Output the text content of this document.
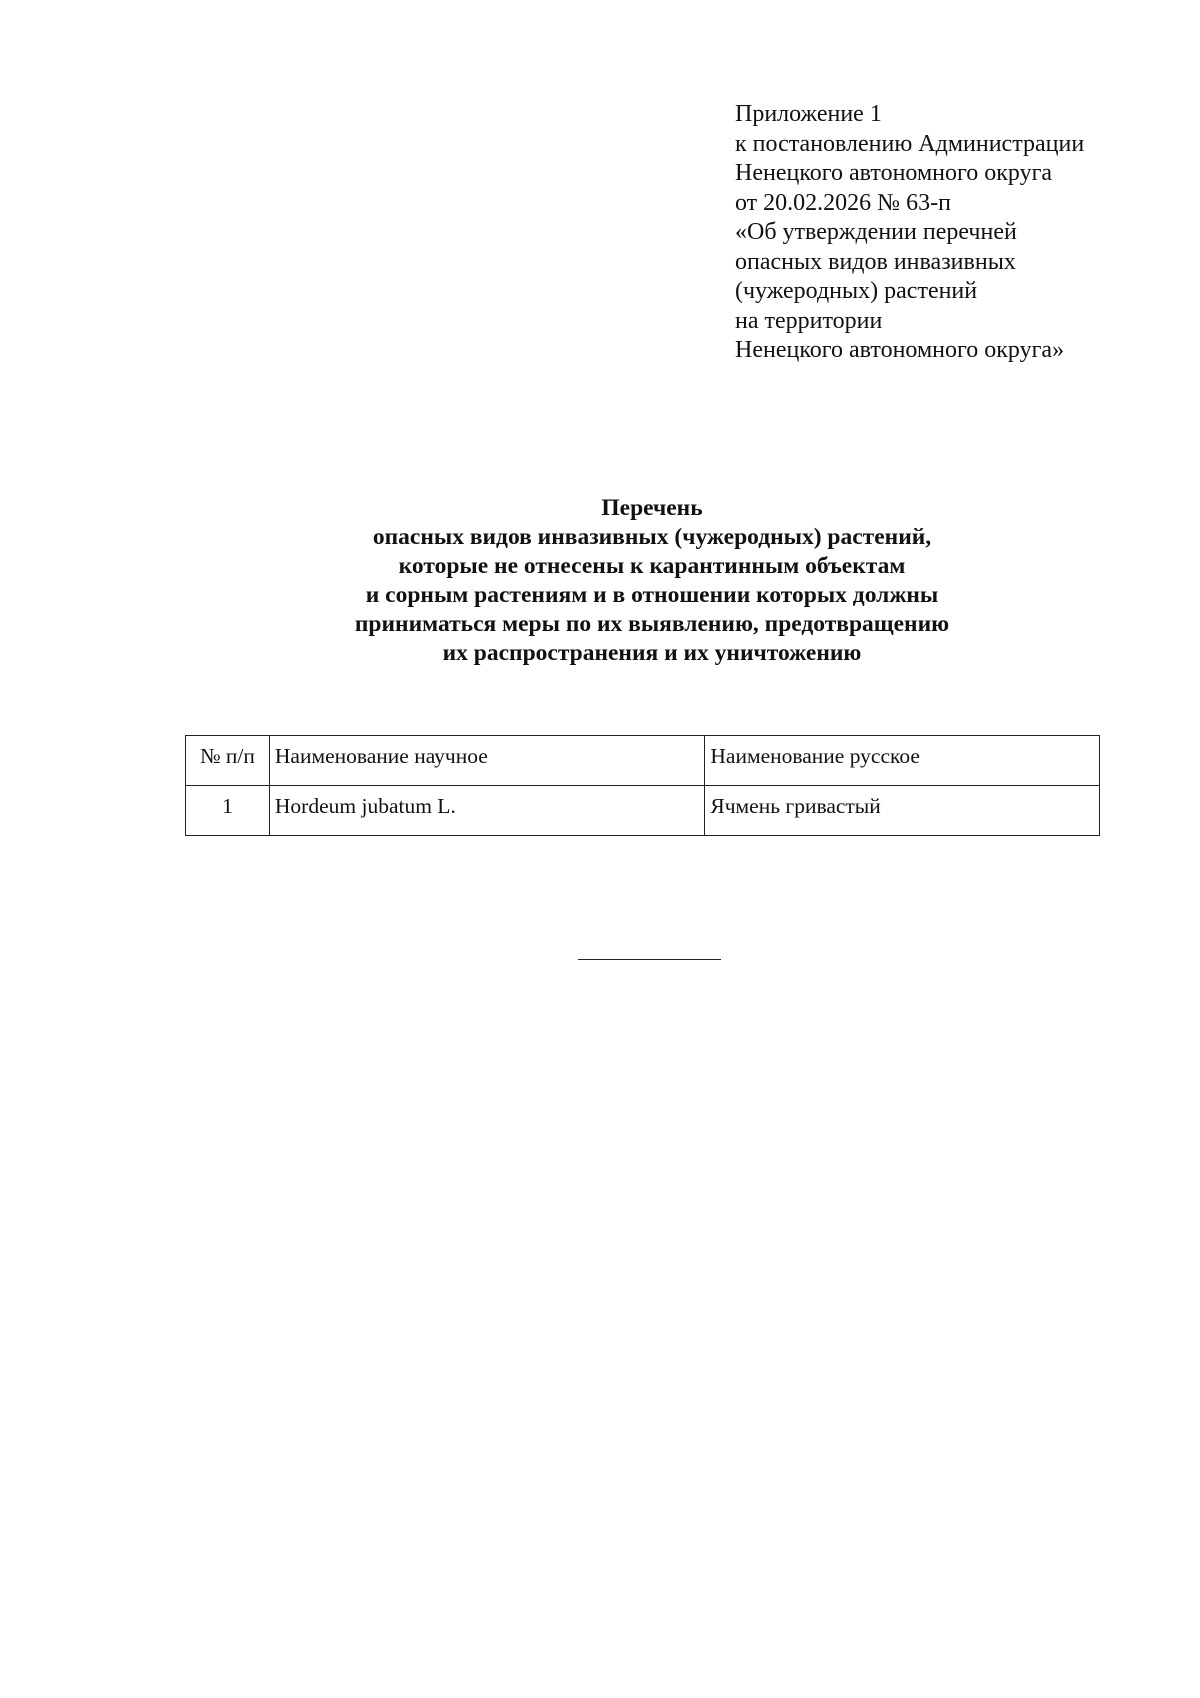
Приложение 1
к постановлению Администрации
Ненецкого автономного округа
от 20.02.2026 № 63-п
«Об утверждении перечней
опасных видов инвазивных
(чужеродных) растений
на территории
Ненецкого автономного округа»
Перечень
опасных видов инвазивных (чужеродных) растений,
которые не отнесены к карантинным объектам
и сорным растениям и в отношении которых должны
приниматься меры по их выявлению, предотвращению
их распространения и их уничтожению
№ п/п	Наименование научное	Наименование русское
1	Hordeum jubatum L.	Ячмень гривастый
